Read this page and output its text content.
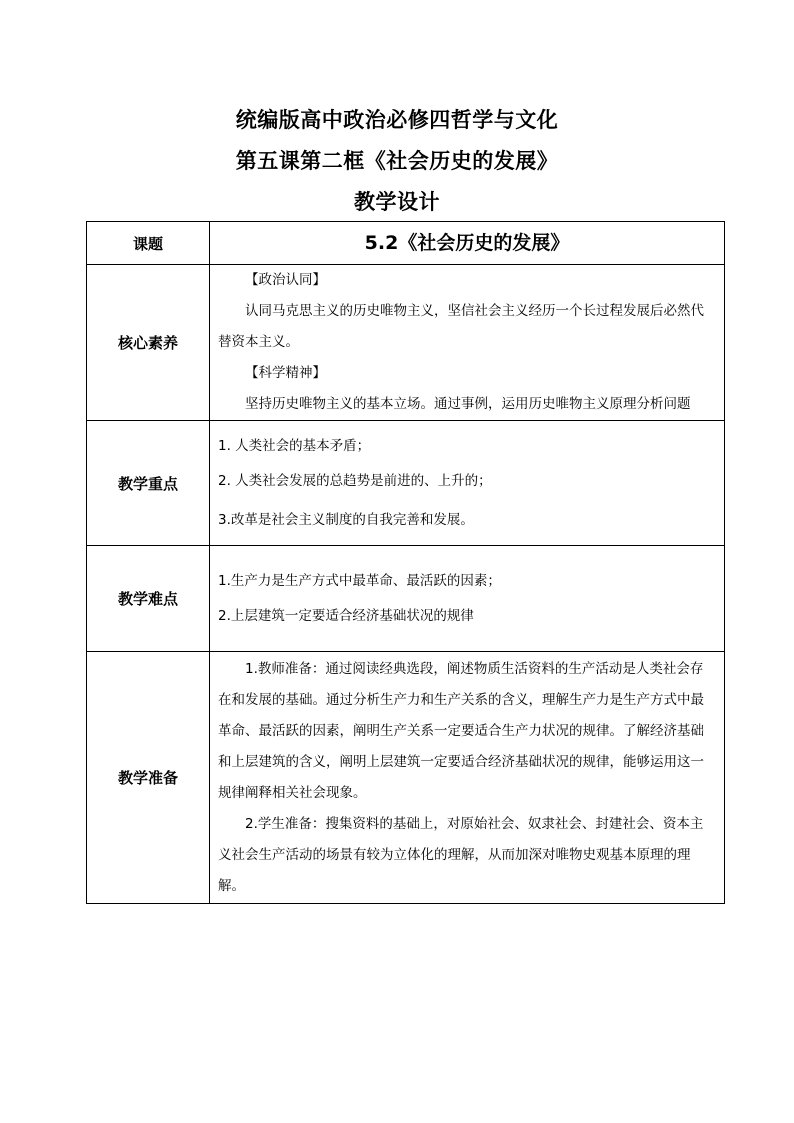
统编版高中政治必修四哲学与文化
第五课第二框《社会历史的发展》
教学设计
课题	5.2《社会历史的发展》

核心素养	【政治认同】
认同马克思主义的历史唯物主义，坚信社会主义经历一个长过程发展后必然代替资本主义。
【科学精神】
坚持历史唯物主义的基本立场。通过事例，运用历史唯物主义原理分析问题

教学重点	1. 人类社会的基本矛盾；
2. 人类社会发展的总趋势是前进的、上升的；
3.改革是社会主义制度的自我完善和发展。

教学难点	1.生产力是生产方式中最革命、最活跃的因素；
2.上层建筑一定要适合经济基础状况的规律

教学准备	1.教师准备：通过阅读经典选段，阐述物质生活资料的生产活动是人类社会存在和发展的基础。通过分析生产力和生产关系的含义，理解生产力是生产方式中最革命、最活跃的因素，阐明生产关系一定要适合生产力状况的规律。了解经济基础和上层建筑的含义，阐明上层建筑一定要适合经济基础状况的规律，能够运用这一规律阐释相关社会现象。
2.学生准备：搜集资料的基础上，对原始社会、奴隶社会、封建社会、资本主义社会生产活动的场景有较为立体化的理解，从而加深对唯物史观基本原理的理解。
